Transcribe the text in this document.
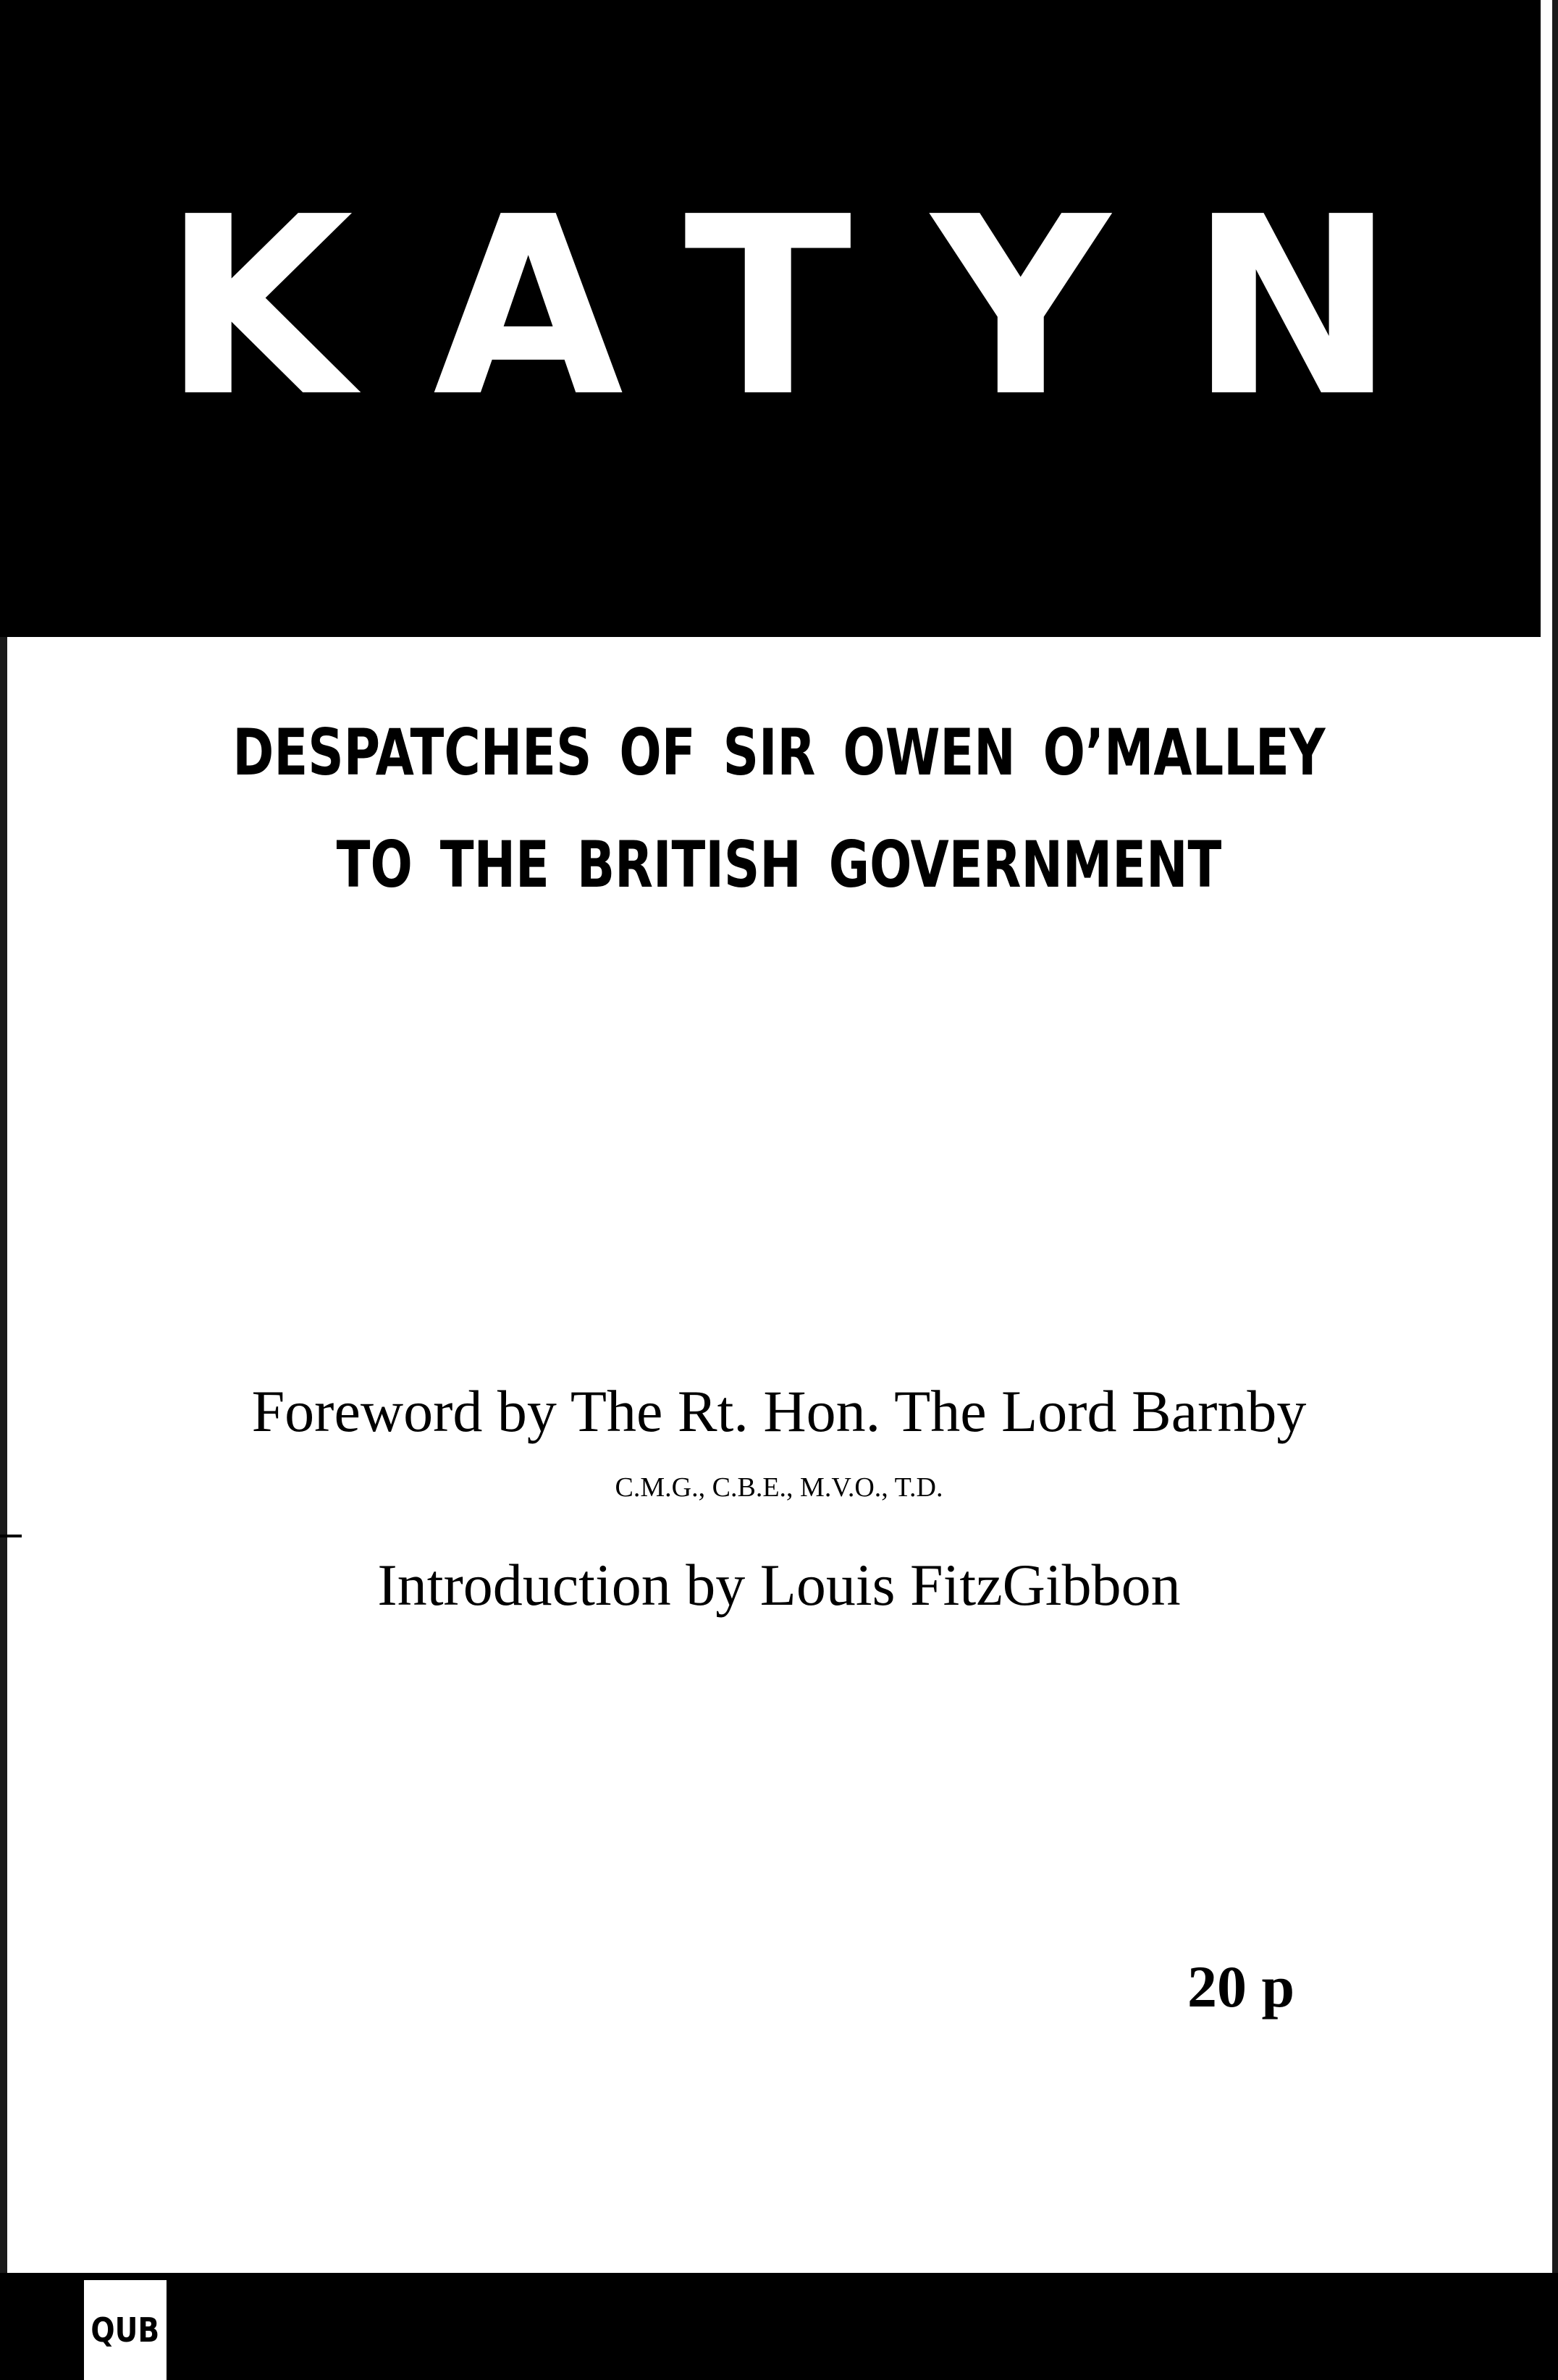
KATYN
DESPATCHES OF SIR OWEN O’MALLEY
TO THE BRITISH GOVERNMENT
Foreword by The Rt. Hon. The Lord Barnby
C.M.G., C.B.E., M.V.O., T.D.
Introduction by Louis FitzGibbon
20 p
QUB
